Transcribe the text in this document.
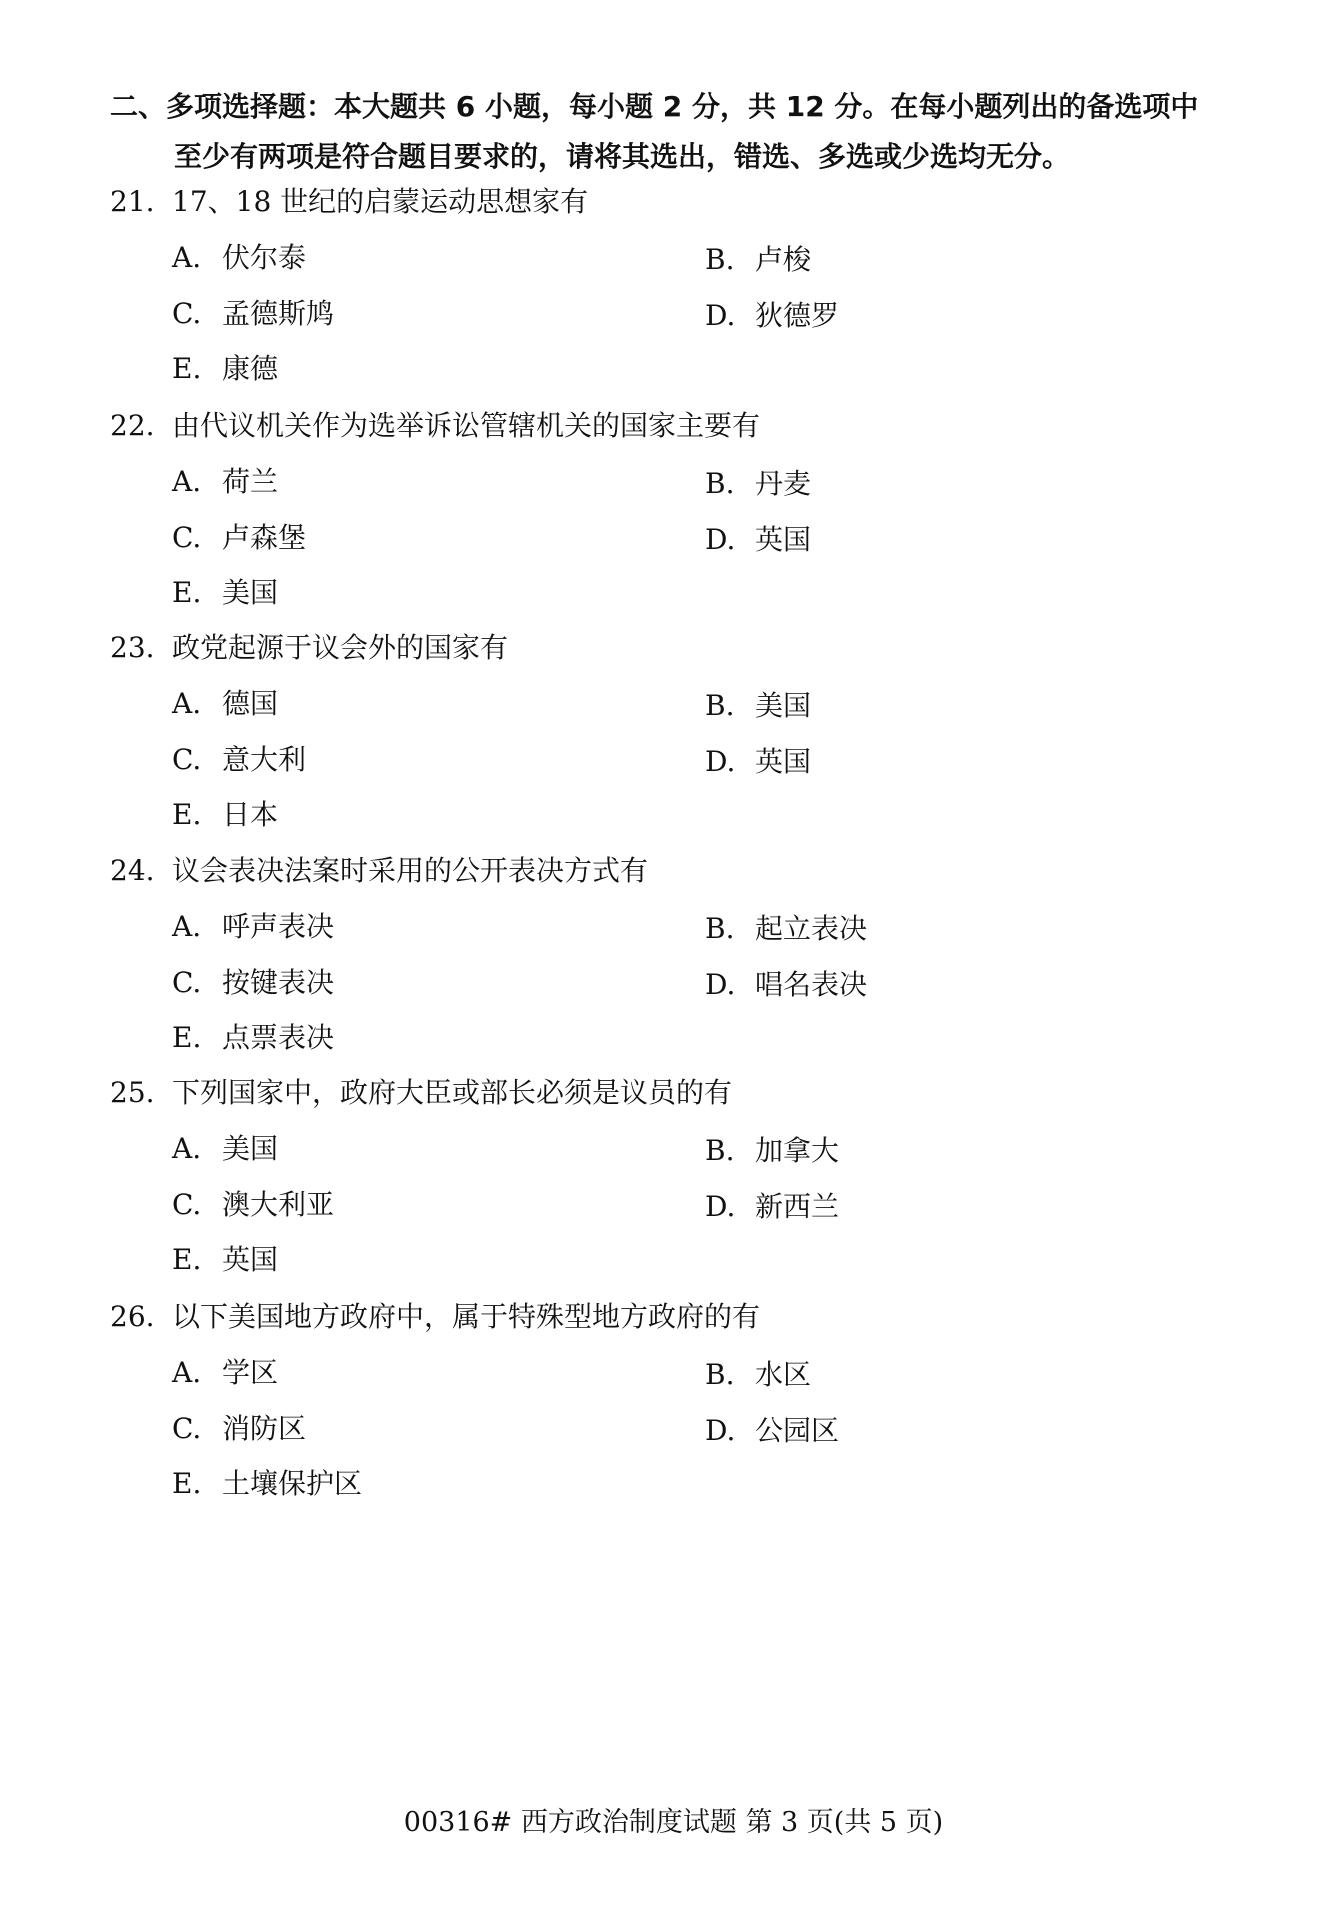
二、多项选择题：本大题共 6 小题，每小题 2 分，共 12 分。在每小题列出的备选项中
至少有两项是符合题目要求的，请将其选出，错选、多选或少选均无分。
21. 17、18 世纪的启蒙运动思想家有
A. 伏尔泰	B. 卢梭
C. 孟德斯鸠	D. 狄德罗
E. 康德
22. 由代议机关作为选举诉讼管辖机关的国家主要有
A. 荷兰	B. 丹麦
C. 卢森堡	D. 英国
E. 美国
23. 政党起源于议会外的国家有
A. 德国	B. 美国
C. 意大利	D. 英国
E. 日本
24. 议会表决法案时采用的公开表决方式有
A. 呼声表决	B. 起立表决
C. 按键表决	D. 唱名表决
E. 点票表决
25. 下列国家中，政府大臣或部长必须是议员的有
A. 美国	B. 加拿大
C. 澳大利亚	D. 新西兰
E. 英国
26. 以下美国地方政府中，属于特殊型地方政府的有
A. 学区	B. 水区
C. 消防区	D. 公园区
E. 土壤保护区
00316# 西方政治制度试题 第 3 页(共 5 页)
